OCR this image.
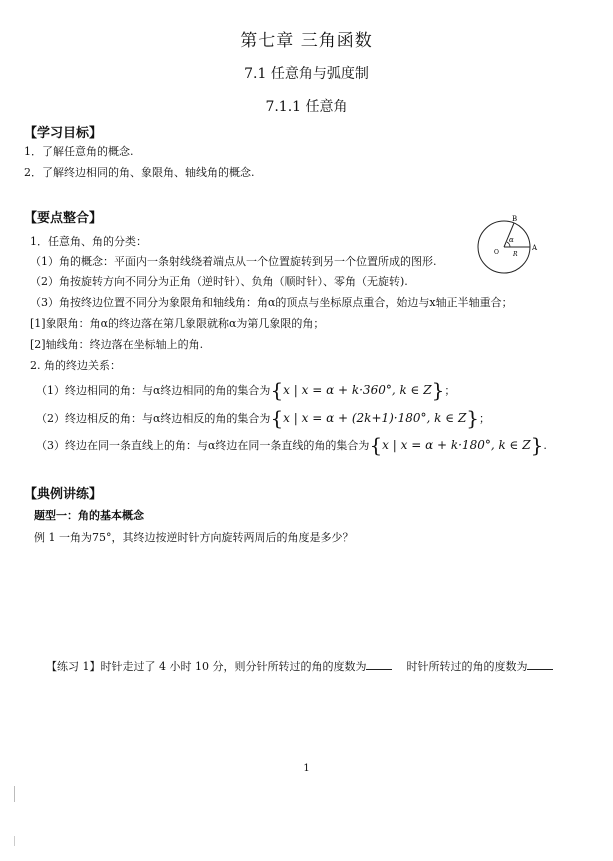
第七章 三角函数
7.1 任意角与弧度制
7.1.1 任意角
【学习目标】
1．了解任意角的概念.
2．了解终边相同的角、象限角、轴线角的概念.
【要点整合】
1．任意角、角的分类：
（1）角的概念：平面内一条射线绕着端点从一个位置旋转到另一个位置所成的图形.
（2）角按旋转方向不同分为正角（逆时针）、负角（顺时针）、零角（无旋转).
（3）角按终边位置不同分为象限角和轴线角：角α的顶点与坐标原点重合，始边与x轴正半轴重合；
[1]象限角：角α的终边落在第几象限就称α为第几象限的角；
[2]轴线角：终边落在坐标轴上的角.
2. 角的终边关系：
（1）终边相同的角：与α终边相同的角的集合为{x | x = α + k·360°, k ∈ Z}；
（2）终边相反的角：与α终边相反的角的集合为{x | x = α + (2k+1)·180°, k ∈ Z}；
（3）终边在同一条直线上的角：与α终边在同一条直线的角的集合为{x | x = α + k·180°, k ∈ Z}.
B
A
O
α
R
【典例讲练】
题型一：角的基本概念
例 1 一角为75°，其终边按逆时针方向旋转两周后的角度是多少？
【练习 1】时针走过了 4 小时 10 分，则分针所转过的角的度数为	时针所转过的角的度数为
1
